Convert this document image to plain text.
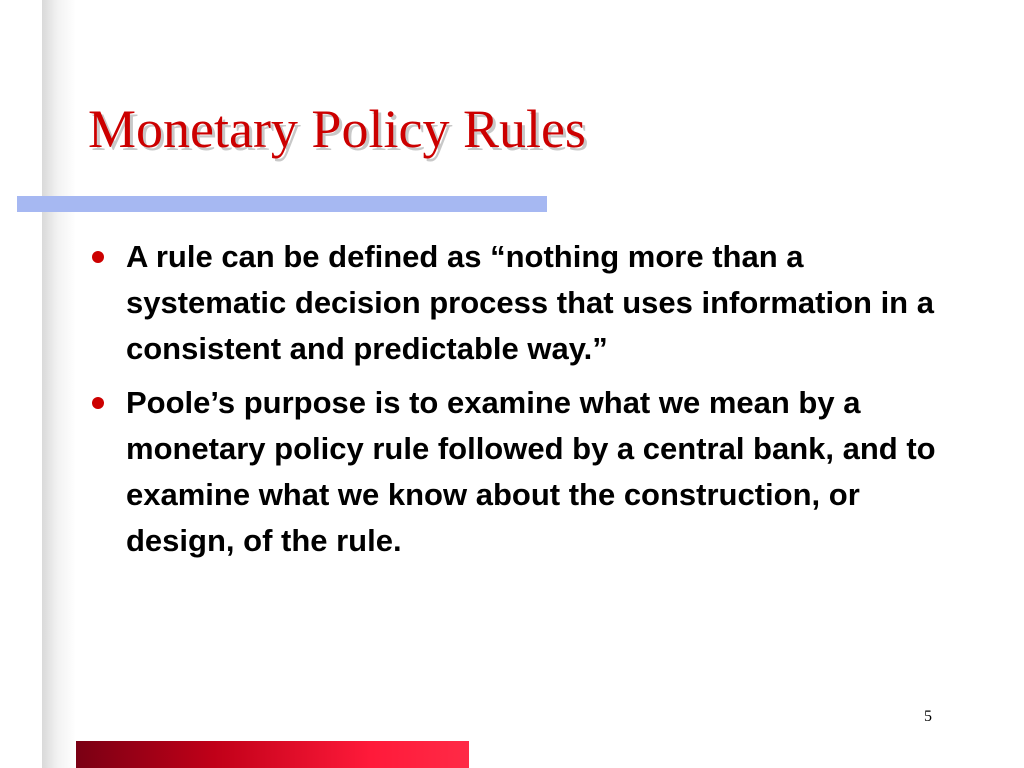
Monetary Policy Rules
A rule can be defined as “nothing more than a systematic decision process that uses information in a consistent and predictable way.”
Poole’s purpose is to examine what we mean by a monetary policy rule followed by a central bank, and to examine what we know about the construction, or design, of the rule.
5
